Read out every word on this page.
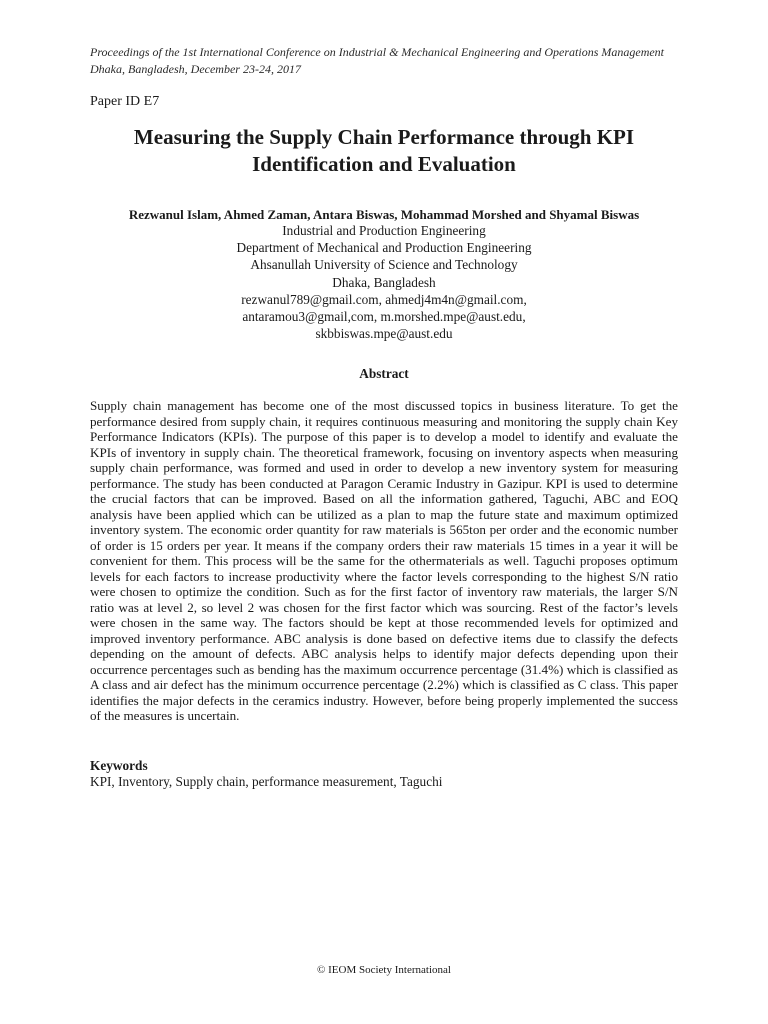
Proceedings of the 1st International Conference on Industrial & Mechanical Engineering and Operations Management
Dhaka, Bangladesh, December 23-24, 2017
Paper ID E7
Measuring the Supply Chain Performance through KPI Identification and Evaluation
Rezwanul Islam, Ahmed Zaman, Antara Biswas, Mohammad Morshed and Shyamal Biswas
Industrial and Production Engineering
Department of Mechanical and Production Engineering
Ahsanullah University of Science and Technology
Dhaka, Bangladesh
rezwanul789@gmail.com, ahmedj4m4n@gmail.com,
antaramou3@gmail,com, m.morshed.mpe@aust.edu,
skbbiswas.mpe@aust.edu
Abstract
Supply chain management has become one of the most discussed topics in business literature. To get the performance desired from supply chain, it requires continuous measuring and monitoring the supply chain Key Performance Indicators (KPIs). The purpose of this paper is to develop a model to identify and evaluate the KPIs of inventory in supply chain. The theoretical framework, focusing on inventory aspects when measuring supply chain performance, was formed and used in order to develop a new inventory system for measuring performance. The study has been conducted at Paragon Ceramic Industry in Gazipur. KPI is used to determine the crucial factors that can be improved. Based on all the information gathered, Taguchi, ABC and EOQ analysis have been applied which can be utilized as a plan to map the future state and maximum optimized inventory system. The economic order quantity for raw materials is 565ton per order and the economic number of order is 15 orders per year. It means if the company orders their raw materials 15 times in a year it will be convenient for them. This process will be the same for the othermaterials as well. Taguchi proposes optimum levels for each factors to increase productivity where the factor levels corresponding to the highest S/N ratio were chosen to optimize the condition. Such as for the first factor of inventory raw materials, the larger S/N ratio was at level 2, so level 2 was chosen for the first factor which was sourcing. Rest of the factor’s levels were chosen in the same way. The factors should be kept at those recommended levels for optimized and improved inventory performance. ABC analysis is done based on defective items due to classify the defects depending on the amount of defects. ABC analysis helps to identify major defects depending upon their occurrence percentages such as bending has the maximum occurrence percentage (31.4%) which is classified as A class and air defect has the minimum occurrence percentage (2.2%) which is classified as C class. This paper identifies the major defects in the ceramics industry. However, before being properly implemented the success of the measures is uncertain.
Keywords
KPI, Inventory, Supply chain, performance measurement, Taguchi
© IEOM Society International
